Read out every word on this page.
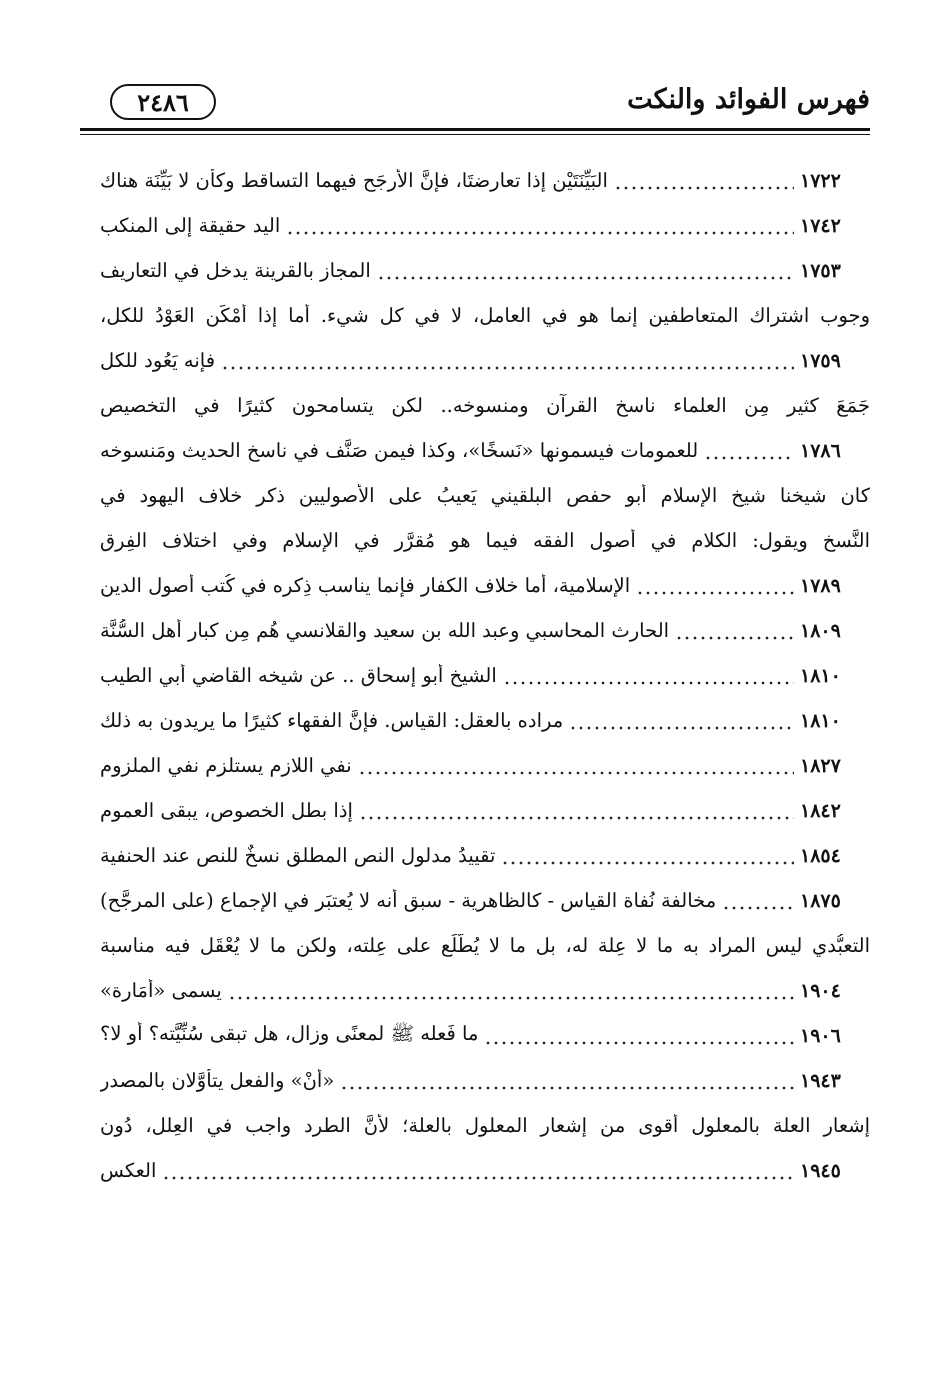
٢٤٨٦	فهرس الفوائد والنكت
البَيِّنَتَيْن إذا تعارضتَا، فإنَّ الأرجَح فيهما التساقط وكأن لا بَيِّنَة هناك	١٧٢٢
اليد حقيقة إلى المنكب	١٧٤٢
المجاز بالقرينة يدخل في التعاريف	١٧٥٣
وجوب اشتراك المتعاطفين إنما هو في العامل، لا في كل شيء. أما إذا أَمْكَن العَوْدُ للكل،
فإنه يَعُود للكل	١٧٥٩
جَمَعَ كثير مِن العلماء ناسخ القرآن ومنسوخه.. لكن يتسامحون كثيرًا في التخصيص
للعمومات فيسمونها «نَسخًا»، وكذا فيمن صَنَّف في ناسخ الحديث ومَنسوخه	١٧٨٦
كان شيخنا شيخ الإسلام أبو حفص البلقيني يَعيبُ على الأصوليين ذكر خلاف اليهود في
النَّسخ ويقول: الكلام في أصول الفقه فيما هو مُقرَّر في الإسلام وفي اختلاف الفِرق
الإسلامية، أما خلاف الكفار فإنما يناسب ذِكره في كُتب أصول الدين	١٧٨٩
الحارث المحاسبي وعبد الله بن سعيد والقلانسي هُم مِن كبار أهل السُّنَّة	١٨٠٩
الشيخ أبو إسحاق .. عن شيخه القاضي أبي الطيب	١٨١٠
مراده بالعقل: القياس. فإنَّ الفقهاء كثيرًا ما يريدون به ذلك	١٨١٠
نفي اللازم يستلزم نفي الملزوم	١٨٢٧
إذا بطل الخصوص، يبقى العموم	١٨٤٢
تقييدُ مدلول النص المطلق نسخٌ للنص عند الحنفية	١٨٥٤
مخالفة نُفاة القياس - كالظاهرية - سبق أنه لا يُعتبَر في الإجماع (على المرجَّح)	١٨٧٥
التعبُّدي ليس المراد به ما لا عِلة له، بل ما لا يُطَّلَع على عِلته، ولكن ما لا يُعْقَل فيه مناسبة
يسمى «أَمَارة»	١٩٠٤
ما فَعله ﷺ لمعنًى وزال، هل تبقى سُنِّيَّته؟ أو لا؟	١٩٠٦
«أنْ» والفعل يتأَوَّلان بالمصدر	١٩٤٣
إشعار العلة بالمعلول أقوى من إشعار المعلول بالعلة؛ لأنَّ الطرد واجب في العِلل، دُون
العكس	١٩٤٥
